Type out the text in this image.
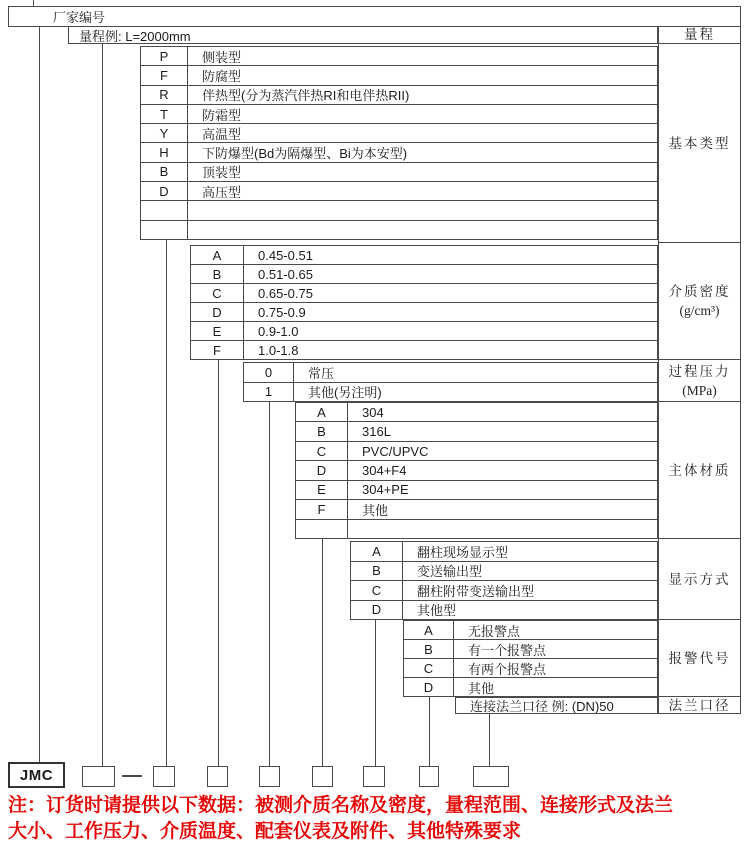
厂家编号
量程例: L=2000mm	量程
基本类型
介质密度
(g/cm³)
过程压力
(MPa)
主体材质
显示方式
报警代号
法兰口径
P	侧装型
F	防腐型
R	伴热型(分为蒸汽伴热RI和电伴热RII)
T	防霜型
Y	高温型
H	下防爆型(Bd为隔爆型、Bi为本安型)
B	顶装型
D	高压型
A	0.45-0.51
B	0.51-0.65
C	0.65-0.75
D	0.75-0.9
E	0.9-1.0
F	1.0-1.8
0	常压
1	其他(另注明)
A	304
B	316L
C	PVC/UPVC
D	304+F4
E	304+PE
F	其他
A	翻柱现场显示型
B	变送输出型
C	翻柱附带变送输出型
D	其他型
A	无报警点
B	有一个报警点
C	有两个报警点
D	其他
连接法兰口径 例: (DN)50
JMC
注：订货时请提供以下数据：被测介质名称及密度，量程范围、连接形式及法兰
大小、工作压力、介质温度、配套仪表及附件、其他特殊要求
